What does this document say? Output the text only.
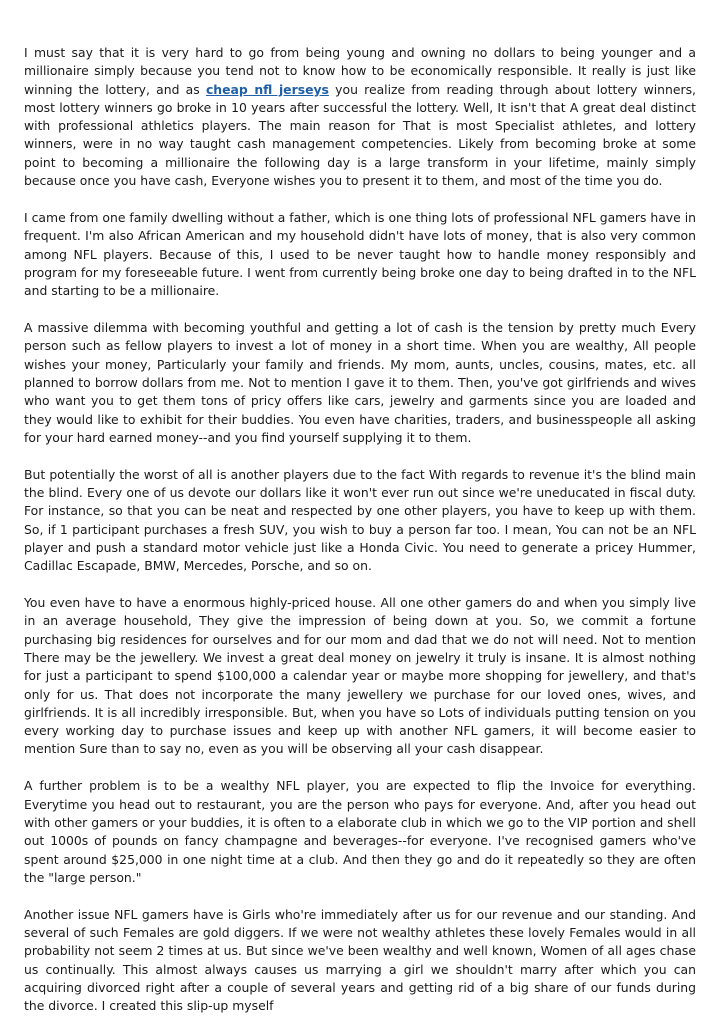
I must say that it is very hard to go from being young and owning no dollars to being younger and a millionaire simply because you tend not to know how to be economically responsible. It really is just like winning the lottery, and as cheap nfl jerseys you realize from reading through about lottery winners, most lottery winners go broke in 10 years after successful the lottery. Well, It isn't that A great deal distinct with professional athletics players. The main reason for That is most Specialist athletes, and lottery winners, were in no way taught cash management competencies. Likely from becoming broke at some point to becoming a millionaire the following day is a large transform in your lifetime, mainly simply because once you have cash, Everyone wishes you to present it to them, and most of the time you do.

I came from one family dwelling without a father, which is one thing lots of professional NFL gamers have in frequent. I'm also African American and my household didn't have lots of money, that is also very common among NFL players. Because of this, I used to be never taught how to handle money responsibly and program for my foreseeable future. I went from currently being broke one day to being drafted in to the NFL and starting to be a millionaire.

A massive dilemma with becoming youthful and getting a lot of cash is the tension by pretty much Every person such as fellow players to invest a lot of money in a short time. When you are wealthy, All people wishes your money, Particularly your family and friends. My mom, aunts, uncles, cousins, mates, etc. all planned to borrow dollars from me. Not to mention I gave it to them. Then, you've got girlfriends and wives who want you to get them tons of pricy offers like cars, jewelry and garments since you are loaded and they would like to exhibit for their buddies. You even have charities, traders, and businesspeople all asking for your hard earned money--and you find yourself supplying it to them.

But potentially the worst of all is another players due to the fact With regards to revenue it's the blind main the blind. Every one of us devote our dollars like it won't ever run out since we're uneducated in fiscal duty. For instance, so that you can be neat and respected by one other players, you have to keep up with them. So, if 1 participant purchases a fresh SUV, you wish to buy a person far too. I mean, You can not be an NFL player and push a standard motor vehicle just like a Honda Civic. You need to generate a pricey Hummer, Cadillac Escapade, BMW, Mercedes, Porsche, and so on.

You even have to have a enormous highly-priced house. All one other gamers do and when you simply live in an average household, They give the impression of being down at you. So, we commit a fortune purchasing big residences for ourselves and for our mom and dad that we do not will need. Not to mention There may be the jewellery. We invest a great deal money on jewelry it truly is insane. It is almost nothing for just a participant to spend $100,000 a calendar year or maybe more shopping for jewellery, and that's only for us. That does not incorporate the many jewellery we purchase for our loved ones, wives, and girlfriends. It is all incredibly irresponsible. But, when you have so Lots of individuals putting tension on you every working day to purchase issues and keep up with another NFL gamers, it will become easier to mention Sure than to say no, even as you will be observing all your cash disappear.

A further problem is to be a wealthy NFL player, you are expected to flip the Invoice for everything. Everytime you head out to restaurant, you are the person who pays for everyone. And, after you head out with other gamers or your buddies, it is often to a elaborate club in which we go to the VIP portion and shell out 1000s of pounds on fancy champagne and beverages--for everyone. I've recognised gamers who've spent around $25,000 in one night time at a club. And then they go and do it repeatedly so they are often the "large person."

Another issue NFL gamers have is Girls who're immediately after us for our revenue and our standing. And several of such Females are gold diggers. If we were not wealthy athletes these lovely Females would in all probability not seem 2 times at us. But since we've been wealthy and well known, Women of all ages chase us continually. This almost always causes us marrying a girl we shouldn't marry after which you can acquiring divorced right after a couple of several years and getting rid of a big share of our funds during the divorce. I created this slip-up myself
